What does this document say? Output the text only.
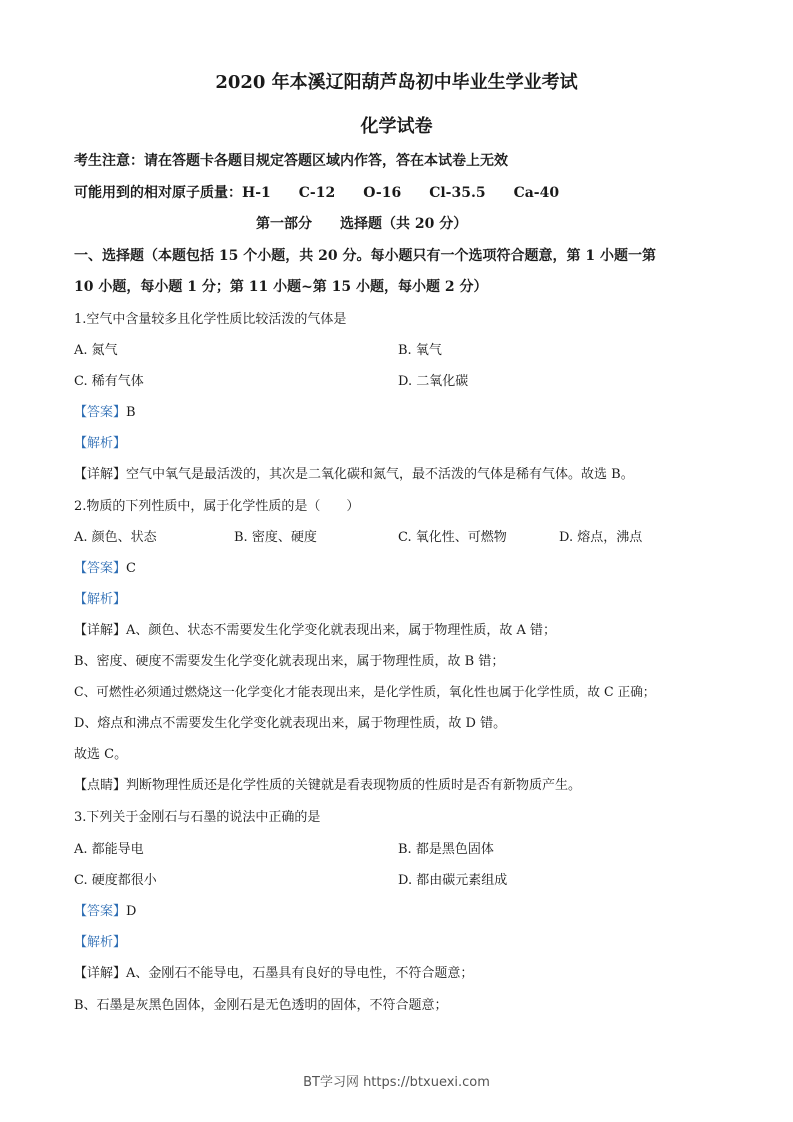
2020 年本溪辽阳葫芦岛初中毕业生学业考试
化学试卷
考生注意：请在答题卡各题目规定答题区域内作答，答在本试卷上无效
可能用到的相对原子质量：H-1　　C-12　　O-16　　Cl-35.5　　Ca-40
第一部分　　选择题（共 20 分）
一、选择题（本题包括 15 个小题，共 20 分。每小题只有一个选项符合题意，第 1 小题一第
10 小题，每小题 1 分；第 11 小题~第 15 小题，每小题 2 分）
1.空气中含量较多且化学性质比较活泼的气体是
A. 氮气	B. 氧气
C. 稀有气体	D. 二氧化碳
【答案】B
【解析】
【详解】空气中氧气是最活泼的，其次是二氧化碳和氮气，最不活泼的气体是稀有气体。故选 B。
2.物质的下列性质中，属于化学性质的是（　　）
A. 颜色、状态	B. 密度、硬度	C. 氧化性、可燃物	D. 熔点，沸点
【答案】C
【解析】
【详解】A、颜色、状态不需要发生化学变化就表现出来，属于物理性质，故 A 错；
B、密度、硬度不需要发生化学变化就表现出来，属于物理性质，故 B 错；
C、可燃性必须通过燃烧这一化学变化才能表现出来，是化学性质，氧化性也属于化学性质，故 C 正确；
D、熔点和沸点不需要发生化学变化就表现出来，属于物理性质，故 D 错。
故选 C。
【点睛】判断物理性质还是化学性质的关键就是看表现物质的性质时是否有新物质产生。
3.下列关于金刚石与石墨的说法中正确的是
A. 都能导电	B. 都是黑色固体
C. 硬度都很小	D. 都由碳元素组成
【答案】D
【解析】
【详解】A、金刚石不能导电，石墨具有良好的导电性，不符合题意；
B、石墨是灰黑色固体，金刚石是无色透明的固体，不符合题意；
BT学习网 https://btxuexi.com
